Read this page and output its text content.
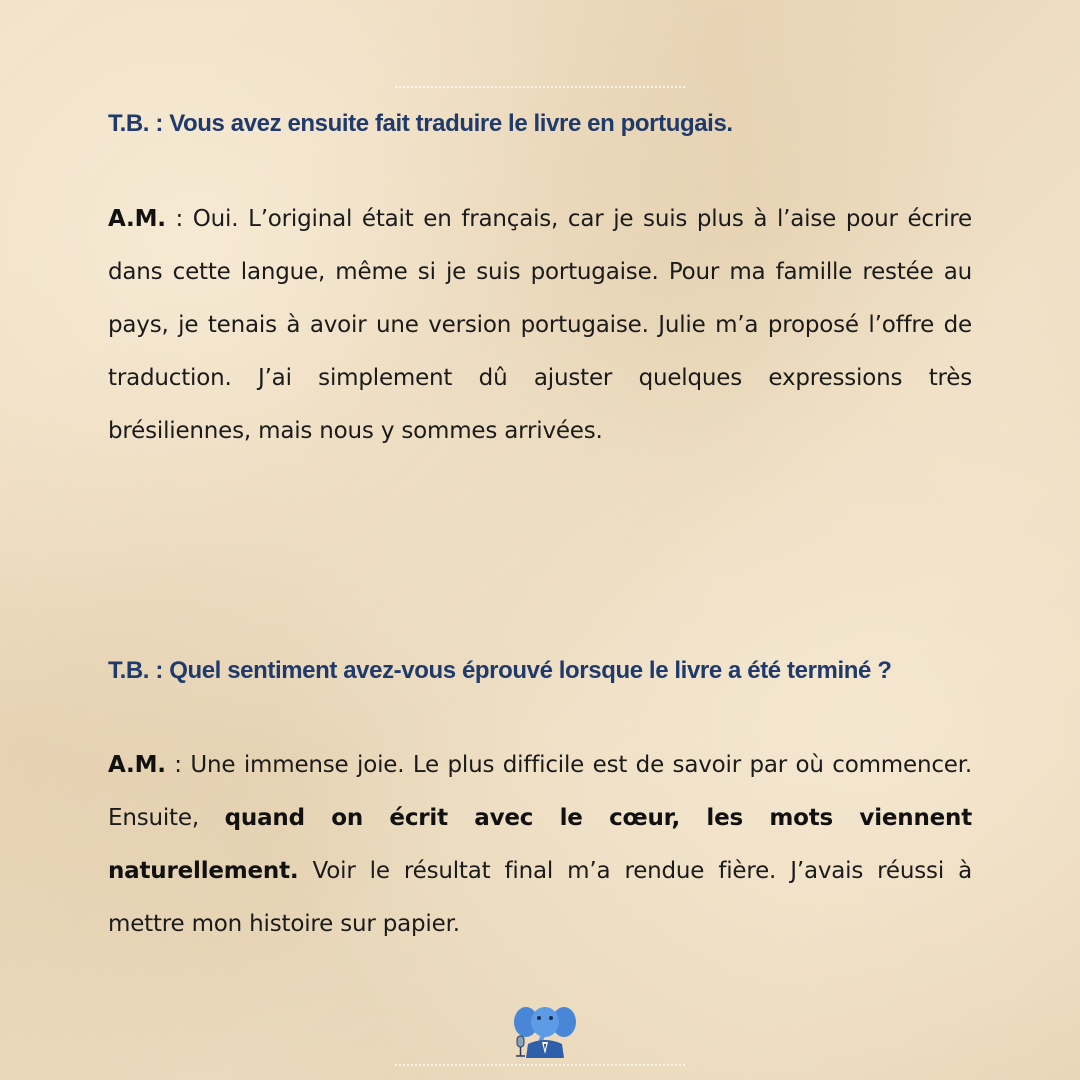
T.B. : Vous avez ensuite fait traduire le livre en portugais.

A.M. : Oui. L’original était en français, car je suis plus à l’aise pour écrire dans cette langue, même si je suis portugaise. Pour ma famille restée au pays, je tenais à avoir une version portugaise. Julie m’a proposé l’offre de traduction. J’ai simplement dû ajuster quelques expressions très brésiliennes, mais nous y sommes arrivées.

T.B. : Quel sentiment avez-vous éprouvé lorsque le livre a été terminé ?

A.M. : Une immense joie. Le plus difficile est de savoir par où commencer. Ensuite, quand on écrit avec le cœur, les mots viennent naturellement. Voir le résultat final m’a rendue fière. J’avais réussi à mettre mon histoire sur papier.
